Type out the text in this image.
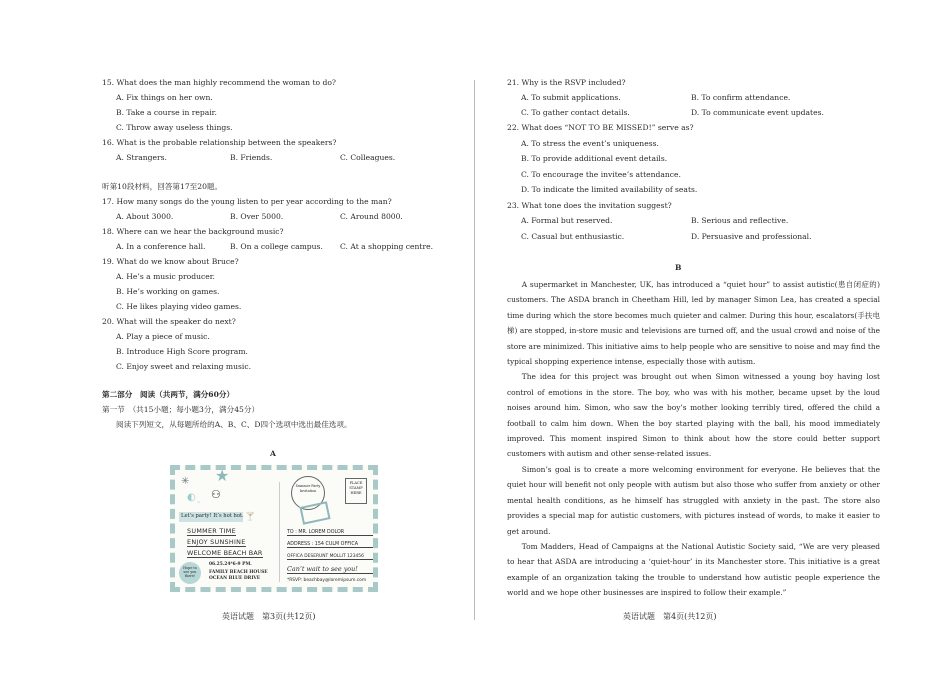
15. What does the man highly recommend the woman to do?
A. Fix things on her own.
B. Take a course in repair.
C. Throw away useless things.
16. What is the probable relationship between the speakers?
A. Strangers.	B. Friends.	C. Colleagues.
听第10段材料，回答第17至20题。
17. How many songs do the young listen to per year according to the man?
A. About 3000.	B. Over 5000.	C. Around 8000.
18. Where can we hear the background music?
A. In a conference hall.	B. On a college campus. C. At a shopping centre.
19. What do we know about Bruce?
A. He’s a music producer.
B. He’s working on games.
C. He likes playing video games.
20. What will the speaker do next?
A. Play a piece of music.
B. Introduce High Score program.
C. Enjoy sweet and relaxing music.
第二部分　阅读（共两节，满分60分）
第一节　（共15小题；每小题3分，满分45分）
阅读下列短文，从每题所给的A、B、C、D四个选项中选出最佳选项。
A
★
✳
◐ ⚇
ᵔ
Let’s party! It’s hot hot. 🍸
SUMMER TIME
ENJOY SUNSHINE
WELCOME BEACH BAR
Hope to see you there!
06.25.24*6-9 PM.
FAMILY BEACH HOUSE
OCEAN BLUE DRIVE
Summer Party Invitation
PLACE STAMP HERE
TO : MR. LOREM DOLOR
ADDRESS : 154 CULM OFFICA
OFFICA DESERUNT MOLLIT 123456
Can’t wait to see you!
*RSVP: beachbay@loremipsum.com
英语试题　第3页(共12页)
21. Why is the RSVP included?
A. To submit applications.	B. To confirm attendance.
C. To gather contact details.	D. To communicate event updates.
22. What does “NOT TO BE MISSED!” serve as?
A. To stress the event’s uniqueness.
B. To provide additional event details.
C. To encourage the invitee’s attendance.
D. To indicate the limited availability of seats.
23. What tone does the invitation suggest?
A. Formal but reserved.	B. Serious and reflective.
C. Casual but enthusiastic.	D. Persuasive and professional.
B

A supermarket in Manchester, UK, has introduced a “quiet hour” to assist autistic(患自闭症的) customers. The ASDA branch in Cheetham Hill, led by manager Simon Lea, has created a special time during which the store becomes much quieter and calmer. During this hour, escalators(手扶电梯) are stopped, in-store music and televisions are turned off, and the usual crowd and noise of the store are minimized. This initiative aims to help people who are sensitive to noise and may find the typical shopping experience intense, especially those with autism.

The idea for this project was brought out when Simon witnessed a young boy having lost control of emotions in the store. The boy, who was with his mother, became upset by the loud noises around him. Simon, who saw the boy’s mother looking terribly tired, offered the child a football to calm him down. When the boy started playing with the ball, his mood immediately improved. This moment inspired Simon to think about how the store could better support customers with autism and other sense-related issues.

Simon’s goal is to create a more welcoming environment for everyone. He believes that the quiet hour will benefit not only people with autism but also those who suffer from anxiety or other mental health conditions, as he himself has struggled with anxiety in the past. The store also provides a special map for autistic customers, with pictures instead of words, to make it easier to get around.

Tom Madders, Head of Campaigns at the National Autistic Society said, “We are very pleased to hear that ASDA are introducing a ‘quiet-hour’ in its Manchester store. This initiative is a great example of an organization taking the trouble to understand how autistic people experience the world and we hope other businesses are inspired to follow their example.”

英语试题　第4页(共12页)
